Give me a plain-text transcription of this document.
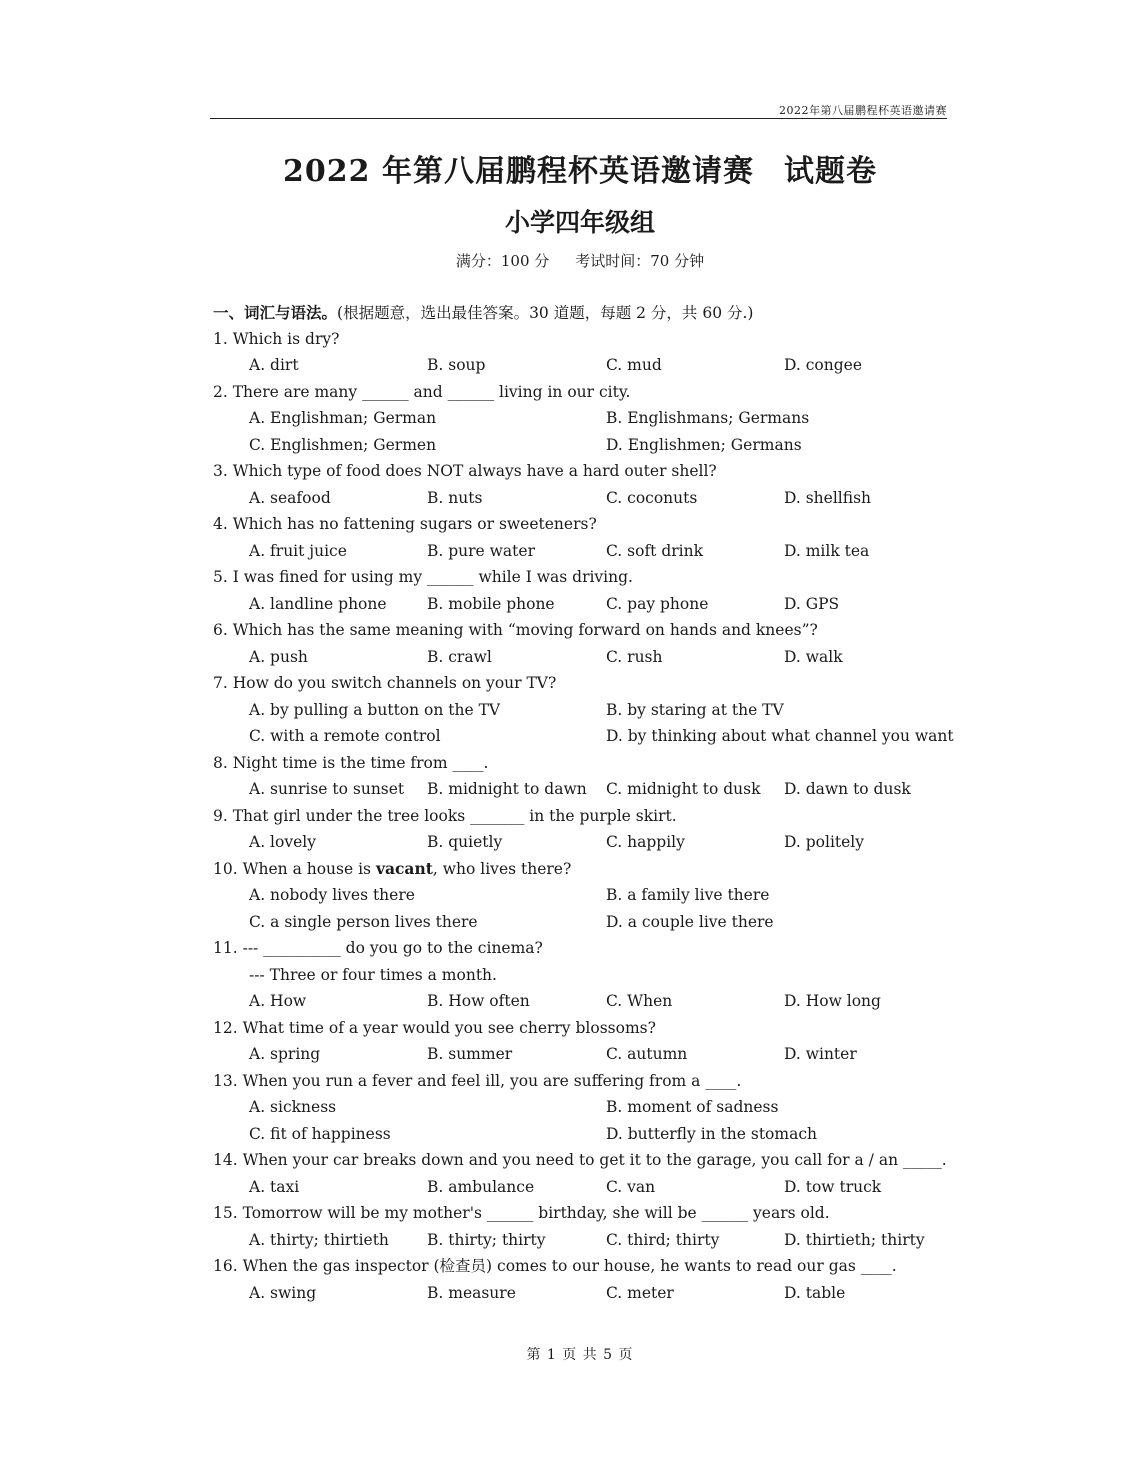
2022年第八届鹏程杯英语邀请赛
2022 年第八届鹏程杯英语邀请赛 试题卷
小学四年级组
满分：100 分 考试时间：70 分钟
一、词汇与语法。(根据题意，选出最佳答案。30 道题，每题 2 分，共 60 分.)
1. Which is dry?
A. dirt	B. soup	C. mud	D. congee
2. There are many ______ and ______ living in our city.
A. Englishman; German	B. Englishmans; Germans
C. Englishmen; Germen	D. Englishmen; Germans
3. Which type of food does NOT always have a hard outer shell?
A. seafood	B. nuts	C. coconuts	D. shellfish
4. Which has no fattening sugars or sweeteners?
A. fruit juice	B. pure water	C. soft drink	D. milk tea
5. I was fined for using my ______ while I was driving.
A. landline phone	B. mobile phone	C. pay phone	D. GPS
6. Which has the same meaning with “moving forward on hands and knees”?
A. push	B. crawl	C. rush	D. walk
7. How do you switch channels on your TV?
A. by pulling a button on the TV	B. by staring at the TV
C. with a remote control	D. by thinking about what channel you want
8. Night time is the time from ____.
A. sunrise to sunset B. midnight to dawn C. midnight to dusk D. dawn to dusk
9. That girl under the tree looks _______ in the purple skirt.
A. lovely	B. quietly	C. happily	D. politely
10. When a house is vacant, who lives there?
A. nobody lives there	B. a family live there
C. a single person lives there	D. a couple live there
11. --- __________ do you go to the cinema?
--- Three or four times a month.
A. How	B. How often	C. When	D. How long
12. What time of a year would you see cherry blossoms?
A. spring	B. summer	C. autumn	D. winter
13. When you run a fever and feel ill, you are suffering from a ____.
A. sickness	B. moment of sadness
C. fit of happiness	D. butterfly in the stomach
14. When your car breaks down and you need to get it to the garage, you call for a / an _____.
A. taxi	B. ambulance	C. van	D. tow truck
15. Tomorrow will be my mother's ______ birthday, she will be ______ years old.
A. thirty; thirtieth B. thirty; thirty	C. third; thirty	D. thirtieth; thirty
16. When the gas inspector (检查员) comes to our house, he wants to read our gas ____.
A. swing	B. measure	C. meter	D. table
第 1 页 共 5 页
